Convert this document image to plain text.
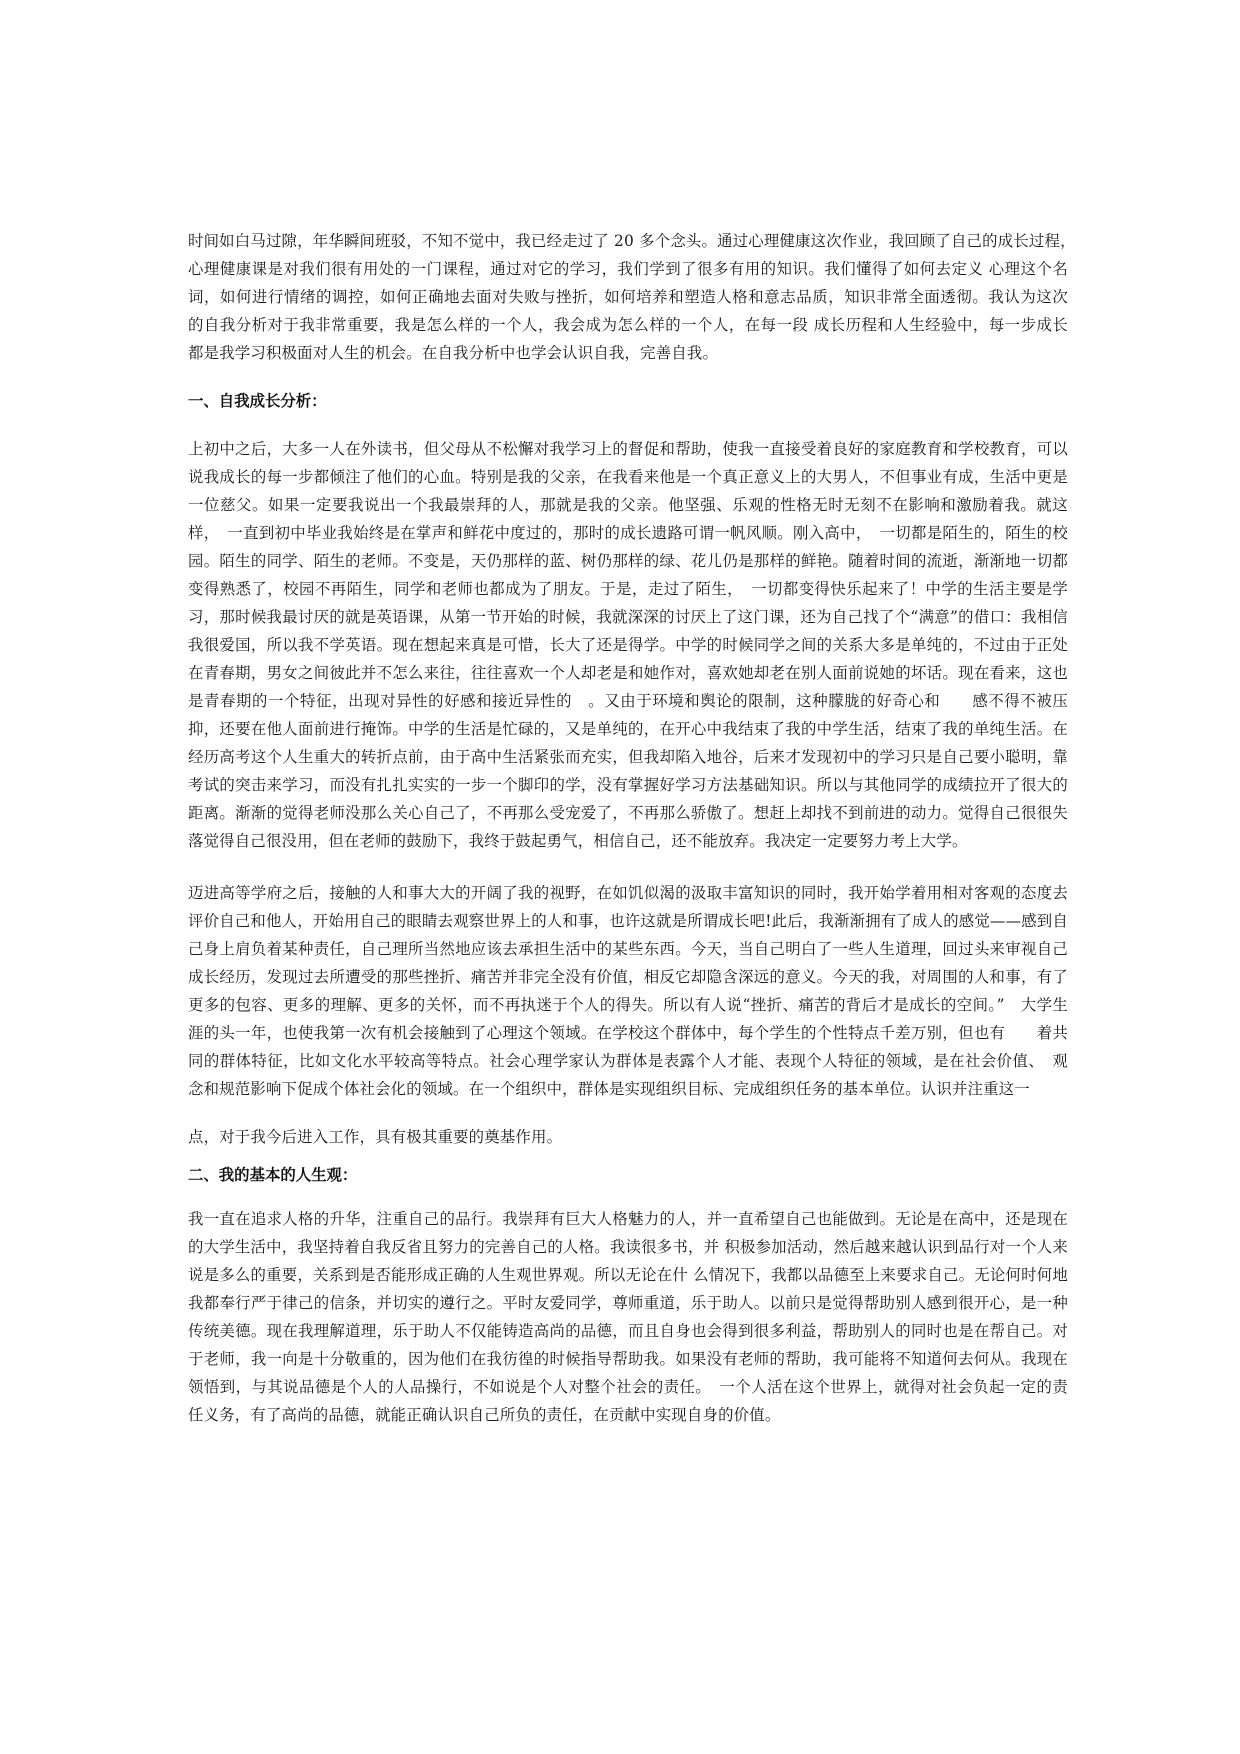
时间如白马过隙，年华瞬间班驳，不知不觉中，我已经走过了 20 多个念头。通过心理健康这次作业，我回顾了自己的成长过程，　心理健康课是对我们很有用处的一门课程，通过对它的学习，我们学到了很多有用的知识。我们懂得了如何去定义 心理这个名　词，如何进行情绪的调控，如何正确地去面对失败与挫折，如何培养和塑造人格和意志品质，知识非常全面透彻。我认为这次　的自我分析对于我非常重要，我是怎么样的一个人，我会成为怎么样的一个人，在每一段 成长历程和人生经验中，每一步成长　都是我学习积极面对人生的机会。在自我分析中也学会认识自我，完善自我。

一、自我成长分析：

上初中之后，大多一人在外读书，但父母从不松懈对我学习上的督促和帮助，使我一直接受着良好的家庭教育和学校教育，可以说我成长的每一步都倾注了他们的心血。特别是我的父亲，在我看来他是一个真正意义上的大男人，不但事业有成，生活中更是一位慈父。如果一定要我说出一个我最崇拜的人，那就是我的父亲。他坚强、乐观的性格无时无刻不在影响和激励着我。就这样，　一直到初中毕业我始终是在掌声和鲜花中度过的，那时的成长遗路可谓一帆风顺。刚入高中，　一切都是陌生的，陌生的校园。陌生的同学、陌生的老师。不变是，天仍那样的蓝、树仍那样的绿、花儿仍是那样的鲜艳。随着时间的流逝，渐渐地一切都变得熟悉了，校园不再陌生，同学和老师也都成为了朋友。于是，走过了陌生，　一切都变得快乐起来了！中学的生活主要是学习，那时候我最讨厌的就是英语课，从第一节开始的时候，我就深深的讨厌上了这门课，还为自己找了个“满意”的借口：我相信我很爱国，所以我不学英语。现在想起来真是可惜，长大了还是得学。中学的时候同学之间的关系大多是单纯的，不过由于正处在青春期，男女之间彼此并不怎么来往，往往喜欢一个人却老是和她作对，喜欢她却老在别人面前说她的坏话。现在看来，这也是青春期的一个特征，出现对异性的好感和接近异性的　。又由于环境和舆论的限制，这种朦胧的好奇心和　　感不得不被压抑，还要在他人面前进行掩饰。中学的生活是忙碌的，又是单纯的，在开心中我结束了我的中学生活，结束了我的单纯生活。在经历高考这个人生重大的转折点前，由于高中生活紧张而充实，但我却陷入地谷，后来才发现初中的学习只是自己要小聪明，靠考试的突击来学习，而没有扎扎实实的一步一个脚印的学，没有掌握好学习方法基础知识。所以与其他同学的成绩拉开了很大的距离。渐渐的觉得老师没那么关心自己了，不再那么受宠爱了，不再那么骄傲了。想赶上却找不到前进的动力。觉得自己很很失落觉得自己很没用，但在老师的鼓励下，我终于鼓起勇气，相信自己，还不能放弃。我决定一定要努力考上大学。

迈进高等学府之后，接触的人和事大大的开阔了我的视野，在如饥似渴的汲取丰富知识的同时，我开始学着用相对客观的态度去评价自己和他人，开始用自己的眼睛去观察世界上的人和事，也许这就是所谓成长吧!此后，我渐渐拥有了成人的感觉——感到自己身上肩负着某种责任，自己理所当然地应该去承担生活中的某些东西。今天，当自己明白了一些人生道理，回过头来审视自己成长经历，发现过去所遭受的那些挫折、痛苦并非完全没有价值，相反它却隐含深远的意义。今天的我，对周围的人和事，有了更多的包容、更多的理解、更多的关怀，而不再执迷于个人的得失。所以有人说“挫折、痛苦的背后才是成长的空间。”　大学生涯的头一年，也使我第一次有机会接触到了心理这个领域。在学校这个群体中，每个学生的个性特点千差万别，但也有　　着共同的群体特征，比如文化水平较高等特点。社会心理学家认为群体是表露个人才能、表现个人特征的领域，是在社会价值、　观念和规范影响下促成个体社会化的领域。在一个组织中，群体是实现组织目标、完成组织任务的基本单位。认识并注重这一

点，对于我今后进入工作，具有极其重要的奠基作用。

二、我的基本的人生观：

我一直在追求人格的升华，注重自己的品行。我崇拜有巨大人格魅力的人，并一直希望自己也能做到。无论是在高中，还是现在的大学生活中，我坚持着自我反省且努力的完善自己的人格。我读很多书，并 积极参加活动，然后越来越认识到品行对一个人来说是多么的重要，关系到是否能形成正确的人生观世界观。所以无论在什 么情况下，我都以品德至上来要求自己。无论何时何地我都奉行严于律己的信条，并切实的遵行之。平时友爱同学，尊师重道，乐于助人。以前只是觉得帮助别人感到很开心，是一种传统美德。现在我理解道理，乐于助人不仅能铸造高尚的品德，而且自身也会得到很多利益，帮助别人的同时也是在帮自己。对于老师，我一向是十分敬重的，因为他们在我彷徨的时候指导帮助我。如果没有老师的帮助，我可能将不知道何去何从。我现在领悟到，与其说品德是个人的人品操行，不如说是个人对整个社会的责任。　一个人活在这个世界上，就得对社会负起一定的责任义务，有了高尚的品德，就能正确认识自己所负的责任，在贡献中实现自身的价值。
